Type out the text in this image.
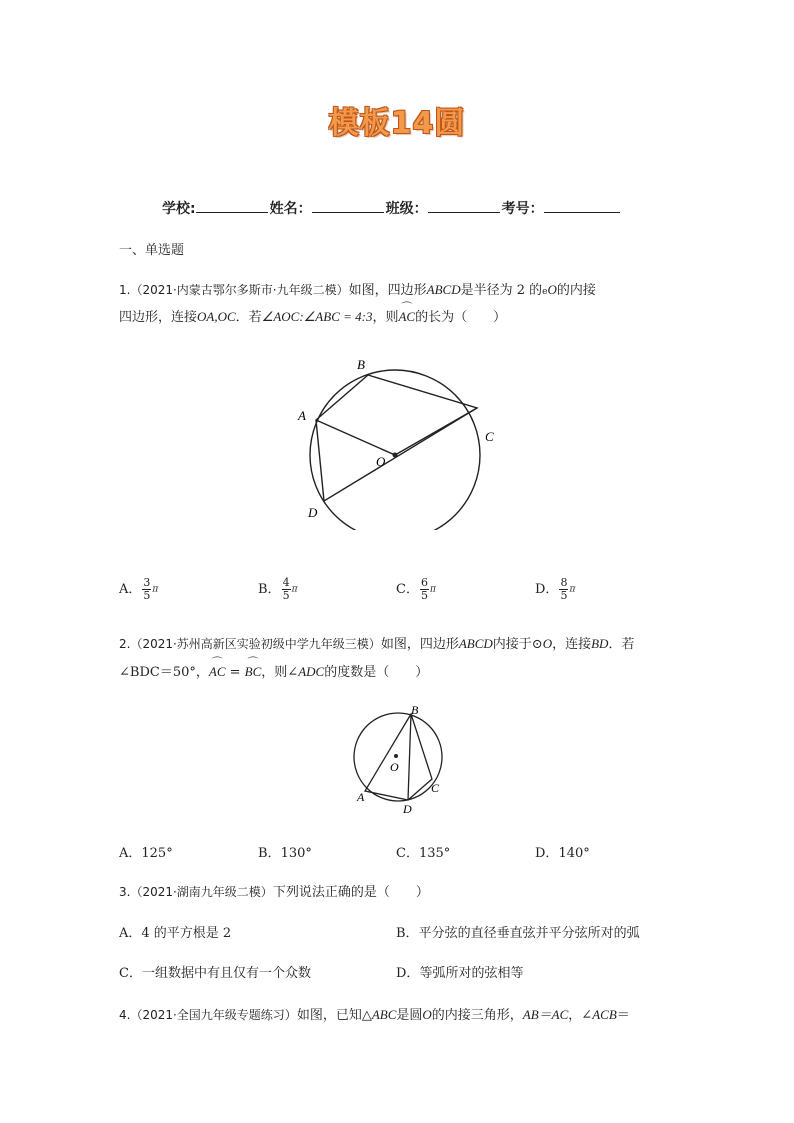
模板14圆
学校:	姓名：	班级：	考号：
一、单选题
1.（2021·内蒙古鄂尔多斯市·九年级二模）如图，四边形ABCD是半径为 2 的eO的内接
四边形，连接OA,OC．若∠AOC:∠ABC = 4:3，则⌒ AC的长为（　　）
B
A
C
O
D
A． $\frac{3}{5}$ π	B． $\frac{4}{5}$ π	C． $\frac{6}{5}$ π	D． $\frac{8}{5}$ π
2.（2021·苏州高新区实验初级中学九年级三模）如图，四边形ABCD内接于⊙O，连接BD．若
∠BDC＝50°，⌒ AC = ⌒ BC，则∠ADC的度数是（　　）
B
O
C
A
D
A．125°	B．130°	C．135°	D．140°
3.（2021·湖南九年级二模）下列说法正确的是（　　）
A．4 的平方根是 2	B．平分弦的直径垂直弦并平分弦所对的弧
C．一组数据中有且仅有一个众数	D．等弧所对的弦相等
4.（2021·全国九年级专题练习）如图，已知△ABC是圆O的内接三角形，AB＝AC，∠ACB＝
